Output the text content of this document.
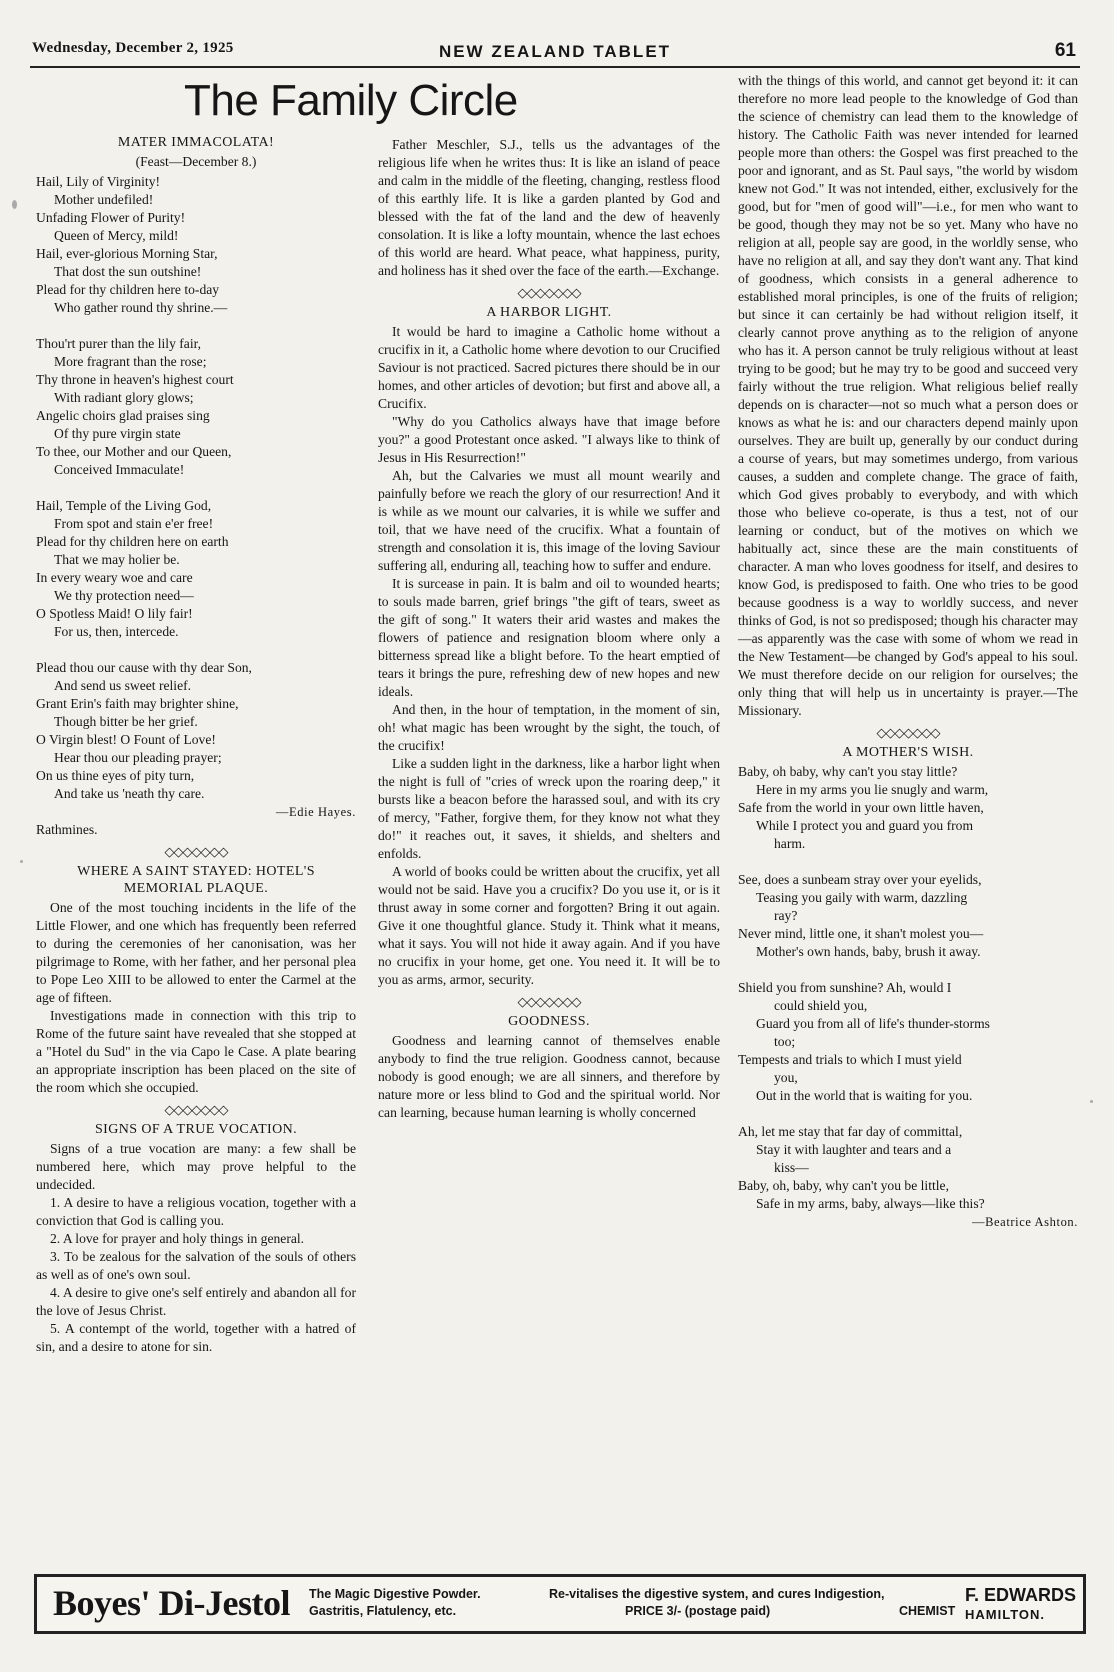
Wednesday, December 2, 1925	NEW ZEALAND TABLET	61
The Family Circle
MATER IMMACOLATA!
(Feast—December 8.)

Hail, Lily of Virginity!

Mother undefiled!

Unfading Flower of Purity!

Queen of Mercy, mild!

Hail, ever-glorious Morning Star,

That dost the sun outshine!

Plead for thy children here to-day

Who gather round thy shrine.—

Thou'rt purer than the lily fair,

More fragrant than the rose;

Thy throne in heaven's highest court

With radiant glory glows;

Angelic choirs glad praises sing

Of thy pure virgin state

To thee, our Mother and our Queen,

Conceived Immaculate!

Hail, Temple of the Living God,

From spot and stain e'er free!

Plead for thy children here on earth

That we may holier be.

In every weary woe and care

We thy protection need—

O Spotless Maid! O lily fair!

For us, then, intercede.

Plead thou our cause with thy dear Son,

And send us sweet relief.

Grant Erin's faith may brighter shine,

Though bitter be her grief.

O Virgin blest! O Fount of Love!

Hear thou our pleading prayer;

On us thine eyes of pity turn,

And take us 'neath thy care.

—Edie Hayes.

Rathmines.

◇◇◇◇◇◇◇
WHERE A SAINT STAYED: HOTEL'S MEMORIAL PLAQUE.

One of the most touching incidents in the life of the Little Flower, and one which has frequently been referred to during the ceremonies of her canonisation, was her pilgrimage to Rome, with her father, and her personal plea to Pope Leo XIII to be allowed to enter the Carmel at the age of fifteen.

Investigations made in connection with this trip to Rome of the future saint have revealed that she stopped at a "Hotel du Sud" in the via Capo le Case. A plate bearing an appropriate inscription has been placed on the site of the room which she occupied.

◇◇◇◇◇◇◇
SIGNS OF A TRUE VOCATION.

Signs of a true vocation are many: a few shall be numbered here, which may prove helpful to the undecided.

1. A desire to have a religious vocation, together with a conviction that God is calling you.

2. A love for prayer and holy things in general.

3. To be zealous for the salvation of the souls of others as well as of one's own soul.

4. A desire to give one's self entirely and abandon all for the love of Jesus Christ.

5. A contempt of the world, together with a hatred of sin, and a desire to atone for sin.

Father Meschler, S.J., tells us the advantages of the religious life when he writes thus: It is like an island of peace and calm in the middle of the fleeting, changing, restless flood of this earthly life. It is like a garden planted by God and blessed with the fat of the land and the dew of heavenly consolation. It is like a lofty mountain, whence the last echoes of this world are heard. What peace, what happiness, purity, and holiness has it shed over the face of the earth.—Exchange.

◇◇◇◇◇◇◇
A HARBOR LIGHT.

It would be hard to imagine a Catholic home without a crucifix in it, a Catholic home where devotion to our Crucified Saviour is not practiced. Sacred pictures there should be in our homes, and other articles of devotion; but first and above all, a Crucifix.

"Why do you Catholics always have that image before you?" a good Protestant once asked. "I always like to think of Jesus in His Resurrection!"

Ah, but the Calvaries we must all mount wearily and painfully before we reach the glory of our resurrection! And it is while as we mount our calvaries, it is while we suffer and toil, that we have need of the crucifix. What a fountain of strength and consolation it is, this image of the loving Saviour suffering all, enduring all, teaching how to suffer and endure.

It is surcease in pain. It is balm and oil to wounded hearts; to souls made barren, grief brings "the gift of tears, sweet as the gift of song." It waters their arid wastes and makes the flowers of patience and resignation bloom where only a bitterness spread like a blight before. To the heart emptied of tears it brings the pure, refreshing dew of new hopes and new ideals.

And then, in the hour of temptation, in the moment of sin, oh! what magic has been wrought by the sight, the touch, of the crucifix!

Like a sudden light in the darkness, like a harbor light when the night is full of "cries of wreck upon the roaring deep," it bursts like a beacon before the harassed soul, and with its cry of mercy, "Father, forgive them, for they know not what they do!" it reaches out, it saves, it shields, and shelters and enfolds.

A world of books could be written about the crucifix, yet all would not be said. Have you a crucifix? Do you use it, or is it thrust away in some corner and forgotten? Bring it out again. Give it one thoughtful glance. Study it. Think what it means, what it says. You will not hide it away again. And if you have no crucifix in your home, get one. You need it. It will be to you as arms, armor, security.

◇◇◇◇◇◇◇
GOODNESS.

Goodness and learning cannot of themselves enable anybody to find the true religion. Goodness cannot, because nobody is good enough; we are all sinners, and therefore by nature more or less blind to God and the spiritual world. Nor can learning, because human learning is wholly concerned

with the things of this world, and cannot get beyond it: it can therefore no more lead people to the knowledge of God than the science of chemistry can lead them to the knowledge of history. The Catholic Faith was never intended for learned people more than others: the Gospel was first preached to the poor and ignorant, and as St. Paul says, "the world by wisdom knew not God." It was not intended, either, exclusively for the good, but for "men of good will"—i.e., for men who want to be good, though they may not be so yet. Many who have no religion at all, people say are good, in the worldly sense, who have no religion at all, and say they don't want any. That kind of goodness, which consists in a general adherence to established moral principles, is one of the fruits of religion; but since it can certainly be had without religion itself, it clearly cannot prove anything as to the religion of anyone who has it. A person cannot be truly religious without at least trying to be good; but he may try to be good and succeed very fairly without the true religion. What religious belief really depends on is character—not so much what a person does or knows as what he is: and our characters depend mainly upon ourselves. They are built up, generally by our conduct during a course of years, but may sometimes undergo, from various causes, a sudden and complete change. The grace of faith, which God gives probably to everybody, and with which those who believe co-operate, is thus a test, not of our learning or conduct, but of the motives on which we habitually act, since these are the main constituents of character. A man who loves goodness for itself, and desires to know God, is predisposed to faith. One who tries to be good because goodness is a way to worldly success, and never thinks of God, is not so predisposed; though his character may—as apparently was the case with some of whom we read in the New Testament—be changed by God's appeal to his soul. We must therefore decide on our religion for ourselves; the only thing that will help us in uncertainty is prayer.—The Missionary.

◇◇◇◇◇◇◇
A MOTHER'S WISH.

Baby, oh baby, why can't you stay little?

Here in my arms you lie snugly and warm,

Safe from the world in your own little haven,

While I protect you and guard you from

harm.

See, does a sunbeam stray over your eyelids,

Teasing you gaily with warm, dazzling

ray?

Never mind, little one, it shan't molest you—

Mother's own hands, baby, brush it away.

Shield you from sunshine? Ah, would I

could shield you,

Guard you from all of life's thunder-storms

too;

Tempests and trials to which I must yield

you,

Out in the world that is waiting for you.

Ah, let me stay that far day of committal,

Stay it with laughter and tears and a

kiss—

Baby, oh, baby, why can't you be little,

Safe in my arms, baby, always—like this?

—Beatrice Ashton.
Boyes' Di-Jestol The Magic Digestive Powder.
Gastritis, Flatulency, etc.
Re-vitalises the digestive system, and cures Indigestion,
PRICE 3/- (postage paid)	CHEMIST
F. EDWARDS
HAMILTON.
